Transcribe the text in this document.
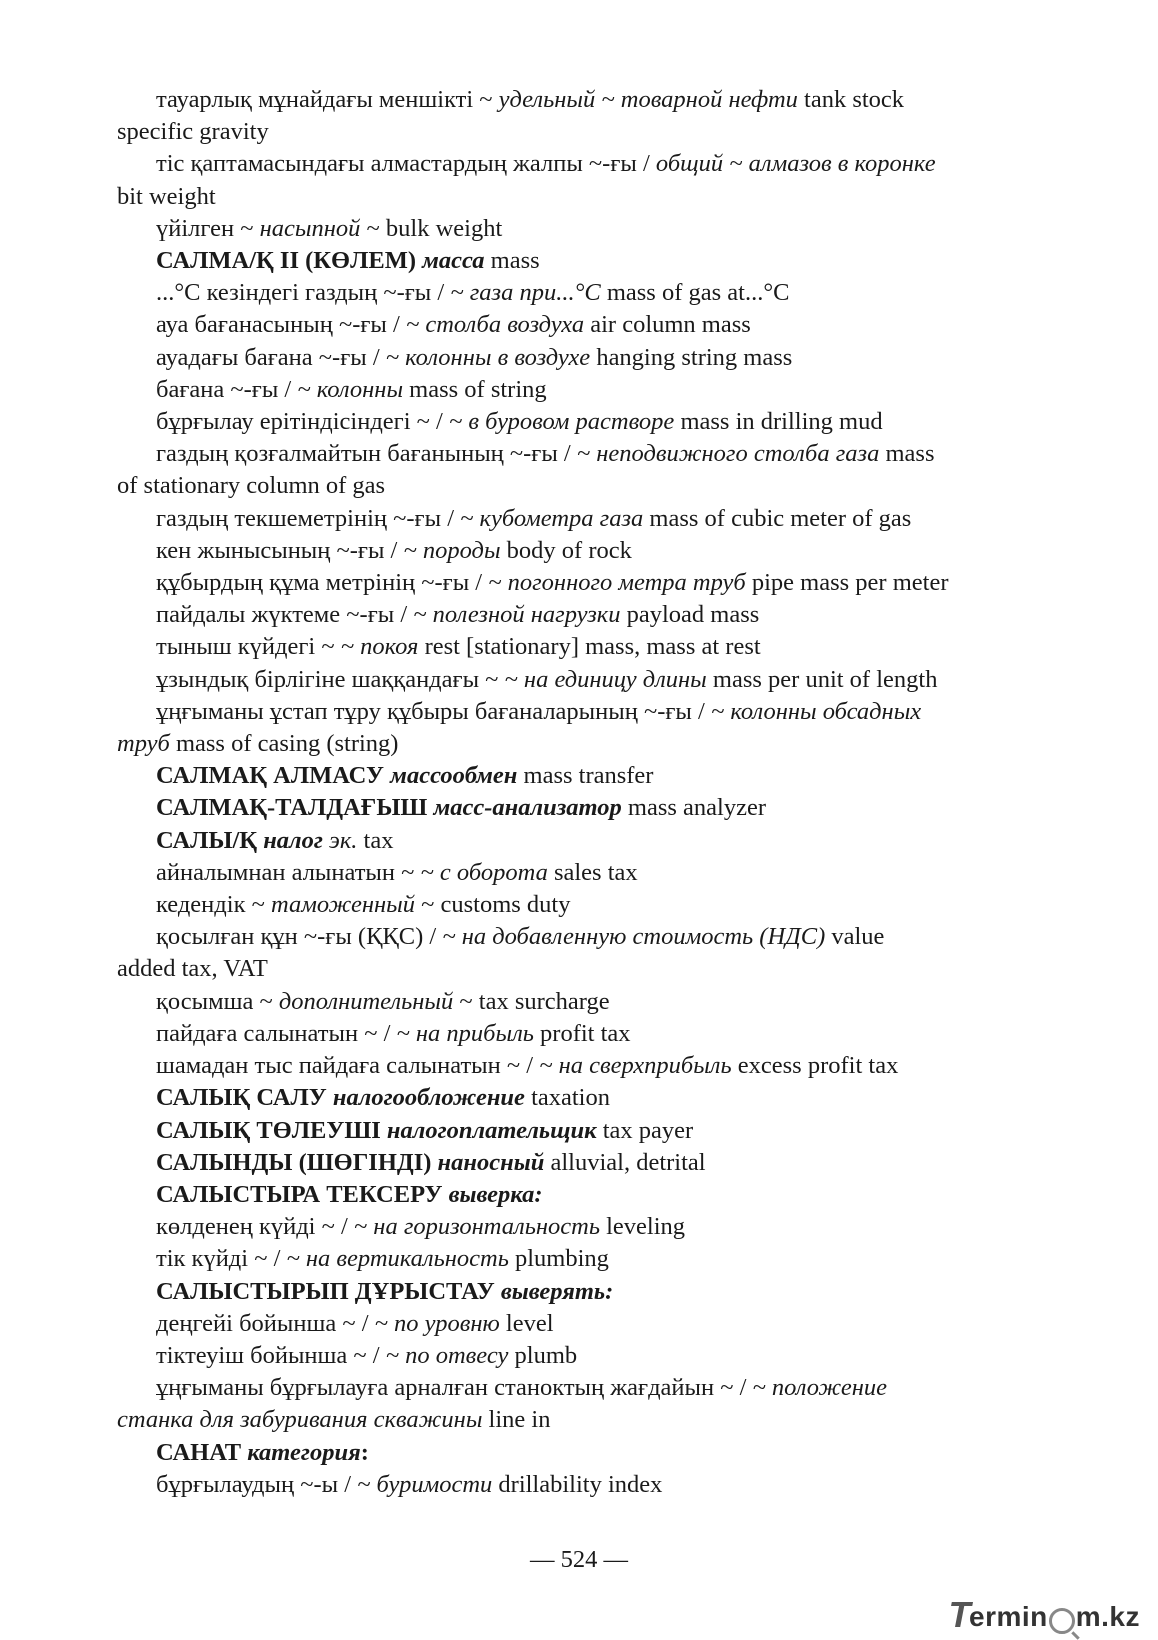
тауарлық мұнайдағы меншікті ~ удельный ~ товарной нефти tank stock

specific gravity

тіс қаптамасындағы алмастардың жалпы ~-ғы / общий ~ алмазов в коронке

bit weight

үйілген ~ насыпной ~ bulk weight

САЛМА/Қ ІІ (КӨЛЕМ) масса mass

...°С кезіндегі газдың ~-ғы / ~ газа при...°С mass of gas at...°С

ауа бағанасының ~-ғы / ~ столба воздуха air column mass

ауадағы бағана ~-ғы / ~ колонны в воздухе hanging string mass

бағана ~-ғы / ~ колонны mass of string

бұрғылау ерітіндісіндегі ~ / ~ в буровом растворе mass in drilling mud

газдың қозғалмайтын бағанының ~-ғы / ~ неподвижного столба газа mass

of stationary column of gas

газдың текшеметрінің ~-ғы / ~ кубометра газа mass of cubic meter of gas

кен жынысының ~-ғы / ~ породы body of rock

құбырдың құма метрінің ~-ғы / ~ погонного метра труб pipe mass per meter

пайдалы жүктеме ~-ғы / ~ полезной нагрузки payload mass

тыныш күйдегі ~ ~ покоя rest [stationary] mass, mass at rest

ұзындық бірлігіне шаққандағы ~ ~ на единицу длины mass per unit of length

ұңғыманы ұстап тұру құбыры бағаналарының ~-ғы / ~ колонны обсадных

труб mass of casing (string)

САЛМАҚ АЛМАСУ массообмен mass transfer

САЛМАҚ-ТАЛДАҒЫШ масс-анализатор mass analyzer

САЛЫ/Қ налог эк. tax

айналымнан алынатын ~ ~ с оборота sales tax

кедендік ~ таможенный ~ customs duty

қосылған құн ~-ғы (ҚҚС) / ~ на добавленную стоимость (НДС) value

added tax, VAT

қосымша ~ дополнительный ~ tax surcharge

пайдаға салынатын ~ / ~ на прибыль profit tax

шамадан тыс пайдаға салынатын ~ / ~ на сверхприбыль excess profit tax

САЛЫҚ САЛУ налогообложение taxation

САЛЫҚ ТӨЛЕУШІ налогоплательщик tax payer

САЛЫНДЫ (ШӨГІНДІ) наносный alluvial, detrital

САЛЫСТЫРА ТЕКСЕРУ выверка:

көлденең күйді ~ / ~ на горизонтальность leveling

тік күйді ~ / ~ на вертикальность plumbing

САЛЫСТЫРЫП ДҰРЫСТАУ выверять:

деңгейі бойынша ~ / ~ по уровню level

тіктеуіш бойынша ~ / ~ по отвесу plumb

ұңғыманы бұрғылауға арналған станоктың жағдайын ~ / ~ положение

станка для забуривания скважины line in

САНАТ категория:

бұрғылаудың ~-ы / ~ буримости drillability index

— 524 —
T
ermin m.kz
